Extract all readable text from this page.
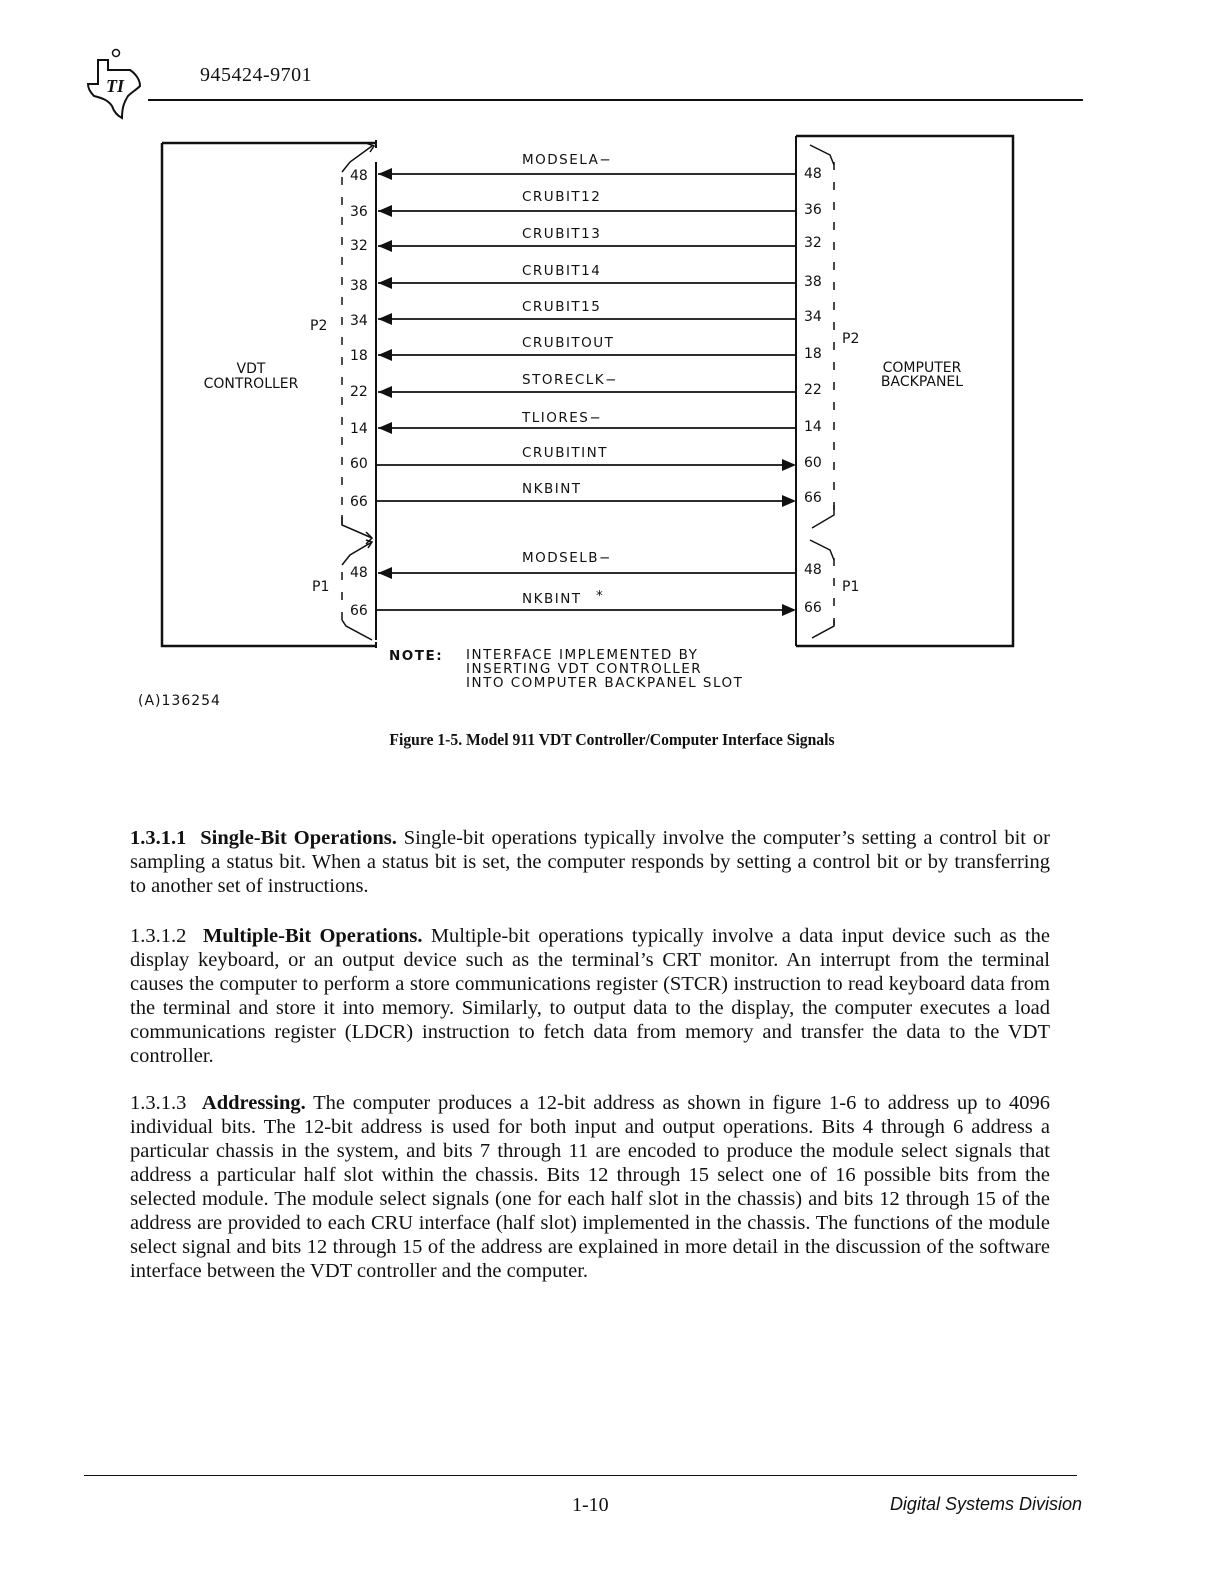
TI	945424-9701
MODSELA−
CRUBIT12
CRUBIT13
CRUBIT14
CRUBIT15
CRUBITOUT
STORECLK−
TLIORES−
CRUBITINT
NKBINT
MODSELB−
NKBINT *
48
36
32
38
34
18
22
14
60
66
48
66
48
36
32
38
34
18
22
14
60
66
48
66
P2
P1
P2
P1
VDT
CONTROLLER
COMPUTER
BACKPANEL
NOTE: INTERFACE IMPLEMENTED BY
INSERTING VDT CONTROLLER
INTO COMPUTER BACKPANEL SLOT
(A)136254
Figure 1-5. Model 911 VDT Controller/Computer Interface Signals
1.3.1.1 Single-Bit Operations. Single-bit operations typically involve the computer’s setting a control bit or sampling a status bit. When a status bit is set, the computer responds by setting a control bit or by transferring to another set of instructions.
1.3.1.2 Multiple-Bit Operations. Multiple-bit operations typically involve a data input device such as the display keyboard, or an output device such as the terminal’s CRT monitor. An interrupt from the terminal causes the computer to perform a store communications register (STCR) instruction to read keyboard data from the terminal and store it into memory. Similarly, to output data to the display, the computer executes a load communications register (LDCR) instruction to fetch data from memory and transfer the data to the VDT controller.
1.3.1.3 Addressing. The computer produces a 12-bit address as shown in figure 1-6 to address up to 4096 individual bits. The 12-bit address is used for both input and output operations. Bits 4 through 6 address a particular chassis in the system, and bits 7 through 11 are encoded to produce the module select signals that address a particular half slot within the chassis. Bits 12 through 15 select one of 16 possible bits from the selected module. The module select signals (one for each half slot in the chassis) and bits 12 through 15 of the address are provided to each CRU interface (half slot) implemented in the chassis. The functions of the module select signal and bits 12 through 15 of the address are explained in more detail in the discussion of the software interface between the VDT controller and the computer.
1-10	Digital Systems Division
